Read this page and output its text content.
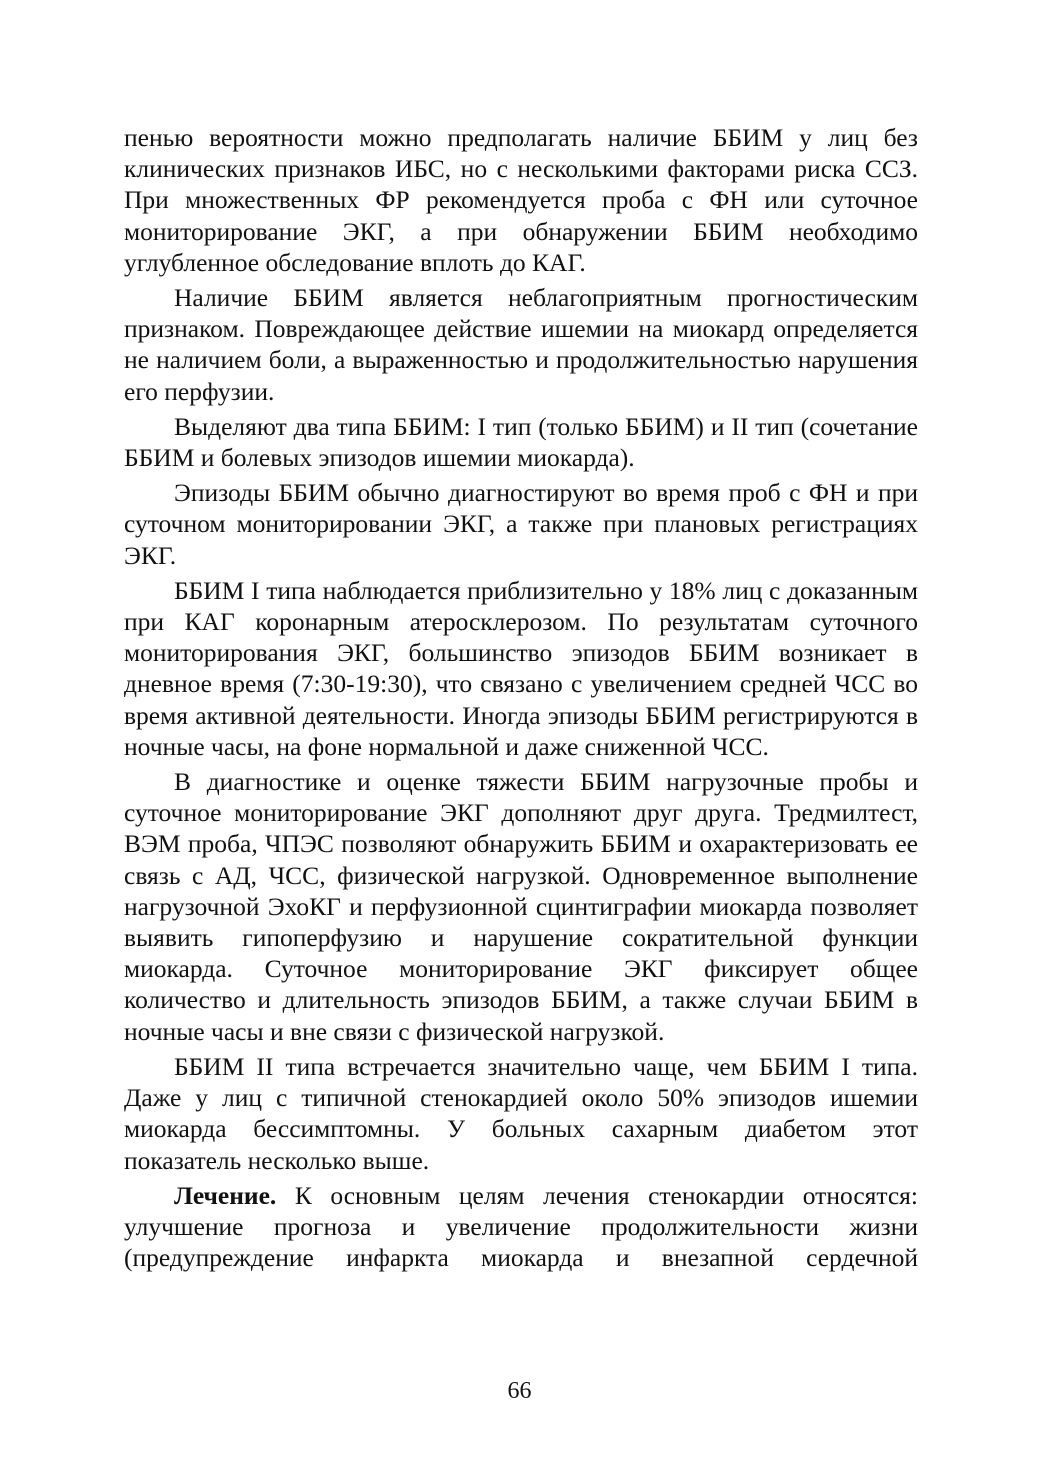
пенью вероятности можно предполагать наличие ББИМ у лиц без клинических признаков ИБС, но с несколькими факторами риска ССЗ. При множественных ФР рекомендуется проба с ФН или суточное мониторирование ЭКГ, а при обнаружении ББИМ необходимо углубленное обследование вплоть до КАГ.

Наличие ББИМ является неблагоприятным прогностическим признаком. Повреждающее действие ишемии на миокард определяется не наличием боли, а выраженностью и продолжительностью нарушения его перфузии.

Выделяют два типа ББИМ: I тип (только ББИМ) и II тип (сочетание ББИМ и болевых эпизодов ишемии миокарда).

Эпизоды ББИМ обычно диагностируют во время проб с ФН и при суточном мониторировании ЭКГ, а также при плановых регистрациях ЭКГ.

ББИМ I типа наблюдается приблизительно у 18% лиц с доказанным при КАГ коронарным атеросклерозом. По результатам суточного мониторирования ЭКГ, большинство эпизодов ББИМ возникает в дневное время (7:30-19:30), что связано с увеличением средней ЧСС во время активной деятельности. Иногда эпизоды ББИМ регистрируются в ночные часы, на фоне нормальной и даже сниженной ЧСС.

В диагностике и оценке тяжести ББИМ нагрузочные пробы и суточное мониторирование ЭКГ дополняют друг друга. Тредмилтест, ВЭМ проба, ЧПЭС позволяют обнаружить ББИМ и охарактеризовать ее связь с АД, ЧСС, физической нагрузкой. Одновременное выполнение нагрузочной ЭхоКГ и перфузионной сцинтиграфии миокарда позволяет выявить гипоперфузию и нарушение сократительной функции миокарда. Суточное мониторирование ЭКГ фиксирует общее количество и длительность эпизодов ББИМ, а также случаи ББИМ в ночные часы и вне связи с физической нагрузкой.

ББИМ II типа встречается значительно чаще, чем ББИМ I типа. Даже у лиц с типичной стенокардией около 50% эпизодов ишемии миокарда бессимптомны. У больных сахарным диабетом этот показатель несколько выше.

Лечение. К основным целям лечения стенокардии относятся: улучшение прогноза и увеличение продолжительности жизни (предупреждение инфаркта миокарда и внезапной сердечной

66
